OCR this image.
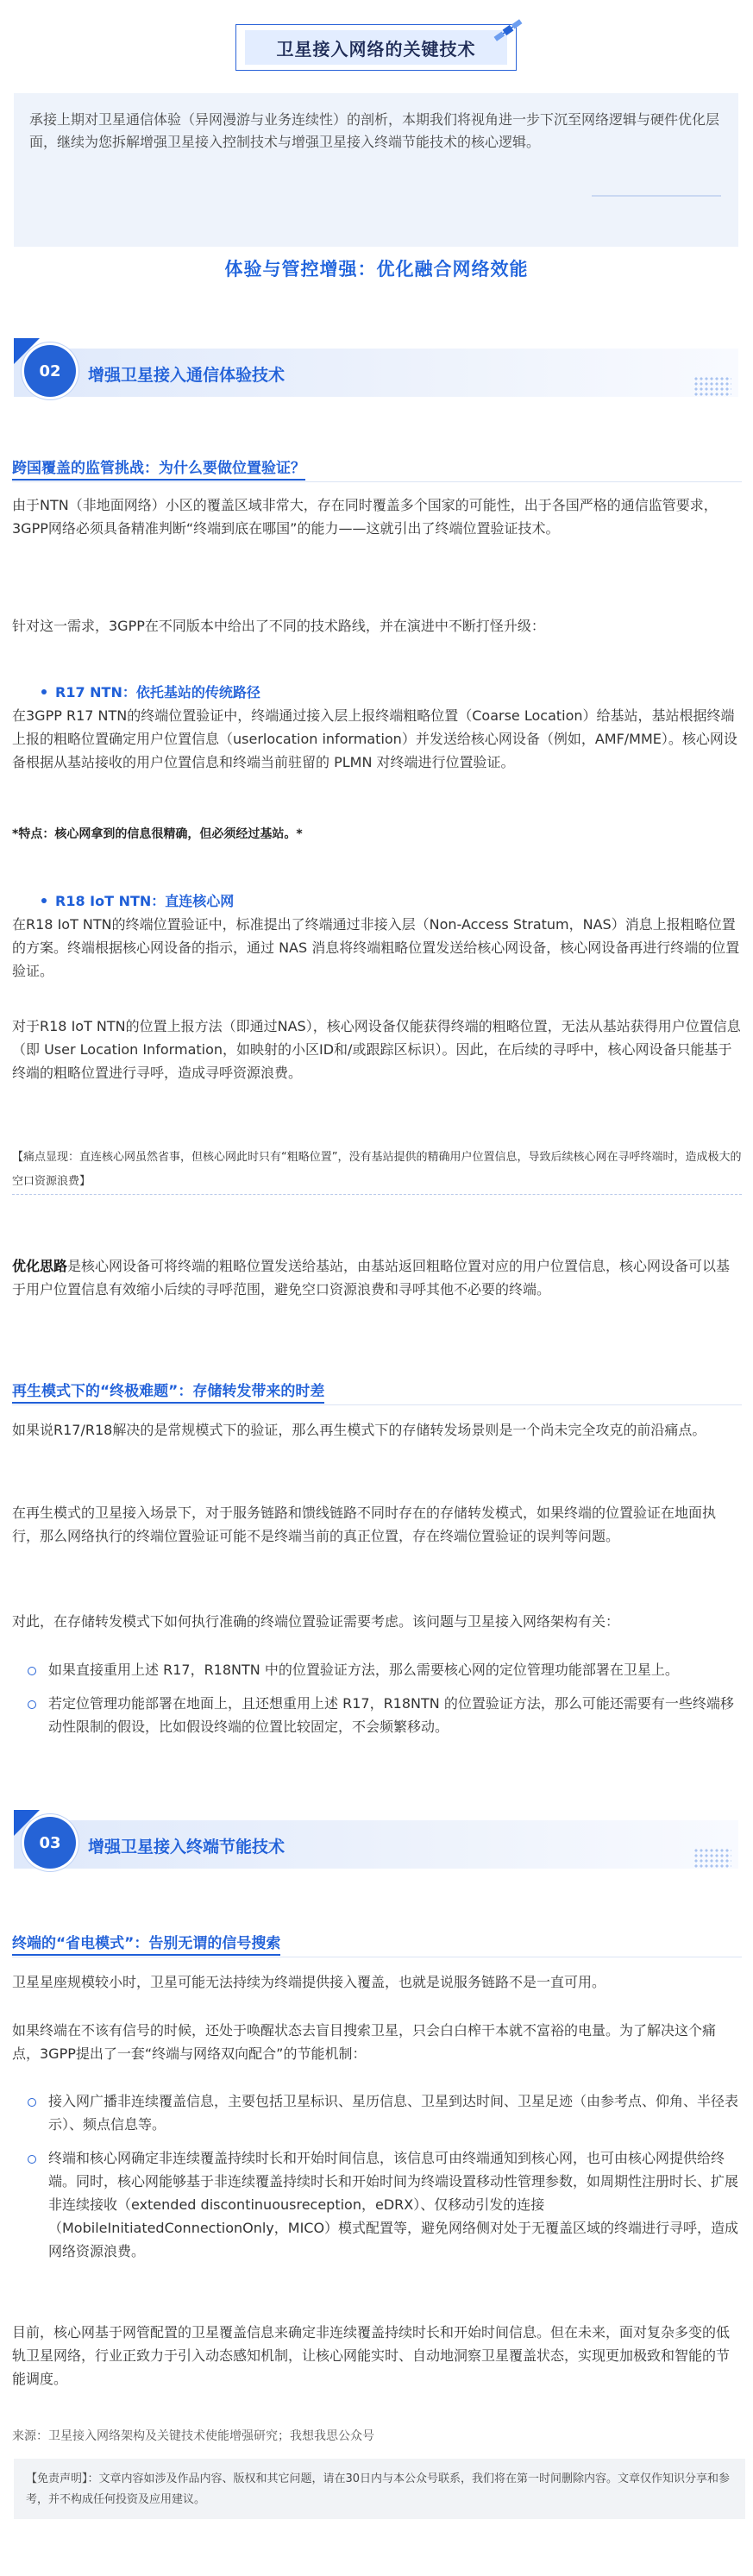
卫星接入网络的关键技术
承接上期对卫星通信体验（异网漫游与业务连续性）的剖析，本期我们将视角进一步下沉至网络逻辑与硬件优化层面，继续为您拆解增强卫星接入控制技术与增强卫星接入终端节能技术的核心逻辑。
体验与管控增强：优化融合网络效能
02	增强卫星接入通信体验技术
跨国覆盖的监管挑战：为什么要做位置验证？
由于NTN（非地面网络）小区的覆盖区域非常大，存在同时覆盖多个国家的可能性，出于各国严格的通信监管要求，3GPP网络必须具备精准判断“终端到底在哪国”的能力——这就引出了终端位置验证技术。
针对这一需求，3GPP在不同版本中给出了不同的技术路线，并在演进中不断打怪升级：
R17 NTN：依托基站的传统路径
在3GPP R17 NTN的终端位置验证中，终端通过接入层上报终端粗略位置（Coarse Location）给基站，基站根据终端上报的粗略位置确定用户位置信息（userlocation information）并发送给核心网设备（例如，AMF/MME）。核心网设备根据从基站接收的用户位置信息和终端当前驻留的 PLMN 对终端进行位置验证。
*特点：核心网拿到的信息很精确，但必须经过基站。*
R18 IoT NTN：直连核心网
在R18 IoT NTN的终端位置验证中，标准提出了终端通过非接入层（Non-Access Stratum，NAS）消息上报粗略位置的方案。终端根据核心网设备的指示，通过 NAS 消息将终端粗略位置发送给核心网设备，核心网设备再进行终端的位置验证。
对于R18 IoT NTN的位置上报方法（即通过NAS），核心网设备仅能获得终端的粗略位置，无法从基站获得用户位置信息（即 User Location Information，如映射的小区ID和/或跟踪区标识）。因此，在后续的寻呼中，核心网设备只能基于终端的粗略位置进行寻呼，造成寻呼资源浪费。
【痛点显现：直连核心网虽然省事，但核心网此时只有“粗略位置”，没有基站提供的精确用户位置信息，导致后续核心网在寻呼终端时，造成极大的空口资源浪费】
优化思路是核心网设备可将终端的粗略位置发送给基站，由基站返回粗略位置对应的用户位置信息，核心网设备可以基于用户位置信息有效缩小后续的寻呼范围，避免空口资源浪费和寻呼其他不必要的终端。
再生模式下的“终极难题”：存储转发带来的时差
如果说R17/R18解决的是常规模式下的验证，那么再生模式下的存储转发场景则是一个尚未完全攻克的前沿痛点。
在再生模式的卫星接入场景下，对于服务链路和馈线链路不同时存在的存储转发模式，如果终端的位置验证在地面执行，那么网络执行的终端位置验证可能不是终端当前的真正位置，存在终端位置验证的误判等问题。
对此，在存储转发模式下如何执行准确的终端位置验证需要考虑。该问题与卫星接入网络架构有关：
如果直接重用上述 R17，R18NTN 中的位置验证方法，那么需要核心网的定位管理功能部署在卫星上。
若定位管理功能部署在地面上，且还想重用上述 R17，R18NTN 的位置验证方法，那么可能还需要有一些终端移动性限制的假设，比如假设终端的位置比较固定，不会频繁移动。
03	增强卫星接入终端节能技术
终端的“省电模式”：告别无谓的信号搜索
卫星星座规模较小时，卫星可能无法持续为终端提供接入覆盖，也就是说服务链路不是一直可用。
如果终端在不该有信号的时候，还处于唤醒状态去盲目搜索卫星，只会白白榨干本就不富裕的电量。为了解决这个痛点，3GPP提出了一套“终端与网络双向配合”的节能机制：
接入网广播非连续覆盖信息，主要包括卫星标识、星历信息、卫星到达时间、卫星足迹（由参考点、仰角、半径表示）、频点信息等。
终端和核心网确定非连续覆盖持续时长和开始时间信息，该信息可由终端通知到核心网，也可由核心网提供给终端。同时，核心网能够基于非连续覆盖持续时长和开始时间为终端设置移动性管理参数，如周期性注册时长、扩展非连续接收（extended discontinuousreception，eDRX）、仅移动引发的连接（MobileInitiatedConnectionOnly，MICO）模式配置等，避免网络侧对处于无覆盖区域的终端进行寻呼，造成网络资源浪费。
目前，核心网基于网管配置的卫星覆盖信息来确定非连续覆盖持续时长和开始时间信息。但在未来，面对复杂多变的低轨卫星网络，行业正致力于引入动态感知机制，让核心网能实时、自动地洞察卫星覆盖状态，实现更加极致和智能的节能调度。
来源：卫星接入网络架构及关键技术使能增强研究；我想我思公众号
【免责声明】：文章内容如涉及作品内容、版权和其它问题，请在30日内与本公众号联系，我们将在第一时间删除内容。文章仅作知识分享和参考，并不构成任何投资及应用建议。
